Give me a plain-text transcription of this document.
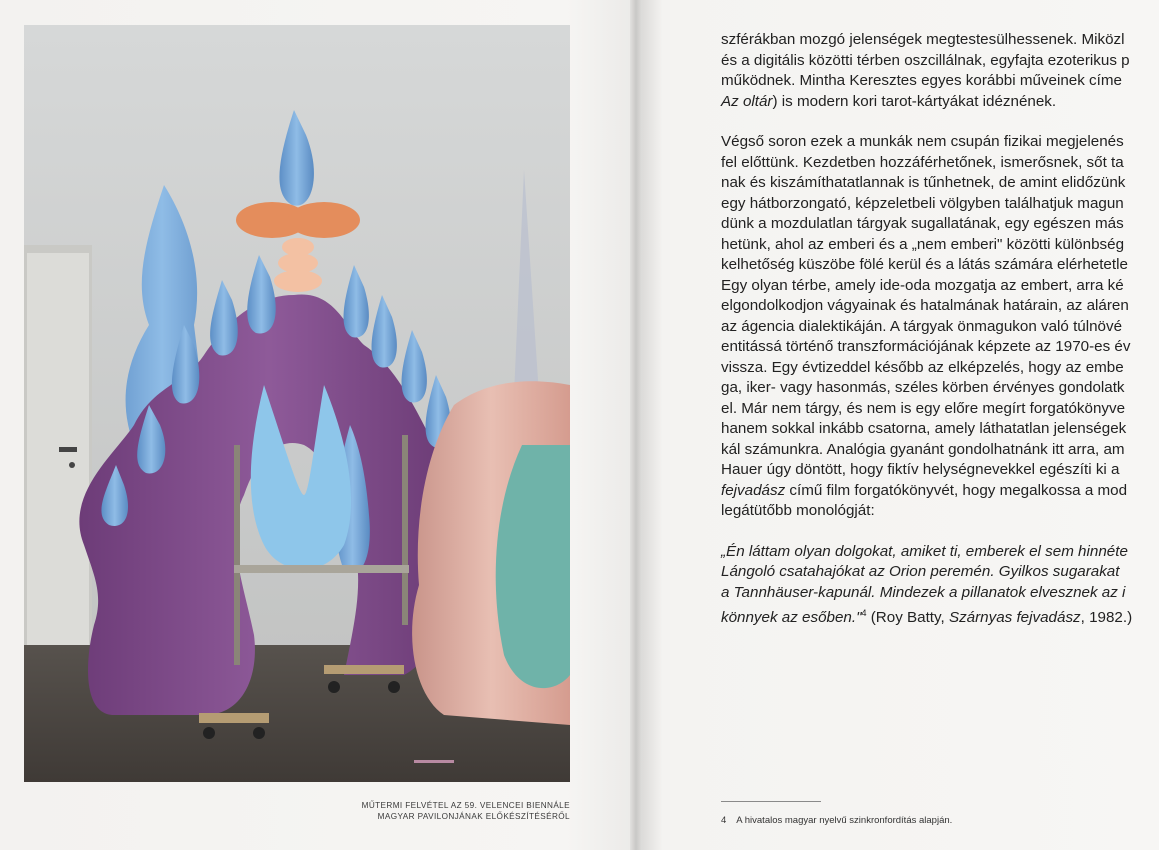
MŰTERMI FELVÉTEL AZ 59. VELENCEI BIENNÁLE
MAGYAR PAVILONJÁNAK ELŐKÉSZÍTÉSÉRŐL
szférákban mozgó jelenségek megtestesülhessenek. Miközl
és a digitális közötti térben oszcillálnak, egyfajta ezoterikus p
működnek. Mintha Keresztes egyes korábbi műveinek címe
Az oltár) is modern kori tarot-kártyákat idéznének.
Végső soron ezek a munkák nem csupán fizikai megjelenés
fel előttünk. Kezdetben hozzáférhetőnek, ismerősnek, sőt ta
nak és kiszámíthatatlannak is tűnhetnek, de amint elidőzünk
egy hátborzongató, képzeletbeli völgyben találhatjuk magun
dünk a mozdulatlan tárgyak sugallatának, egy egészen más
hetünk, ahol az emberi és a „nem emberi" közötti különbség
kelhetőség küszöbe fölé kerül és a látás számára elérhetetle
Egy olyan térbe, amely ide-oda mozgatja az embert, arra ké
elgondolkodjon vágyainak és hatalmának határain, az aláren
az ágencia dialektikáján. A tárgyak önmagukon való túlnövé
entitássá történő transzformációjának képzete az 1970-es év
vissza. Egy évtizeddel később az elképzelés, hogy az embe
ga, iker- vagy hasonmás, széles körben érvényes gondolatk
el. Már nem tárgy, és nem is egy előre megírt forgatókönyve
hanem sokkal inkább csatorna, amely láthatatlan jelenségek
kál számunkra. Analógia gyanánt gondolhatnánk itt arra, am
Hauer úgy döntött, hogy fiktív helységnevekkel egészíti ki a
fejvadász című film forgatókönyvét, hogy megalkossa a mod
legátütőbb monológját:
„Én láttam olyan dolgokat, amiket ti, emberek el sem hinnéte
Lángoló csatahajókat az Orion peremén. Gyilkos sugarakat
a Tannhäuser-kapunál. Mindezek a pillanatok elvesznek az i
könnyek az esőben."$^4$ (Roy Batty, Szárnyas fejvadász, 1982.)
4 A hivatalos magyar nyelvű szinkronfordítás alapján.
